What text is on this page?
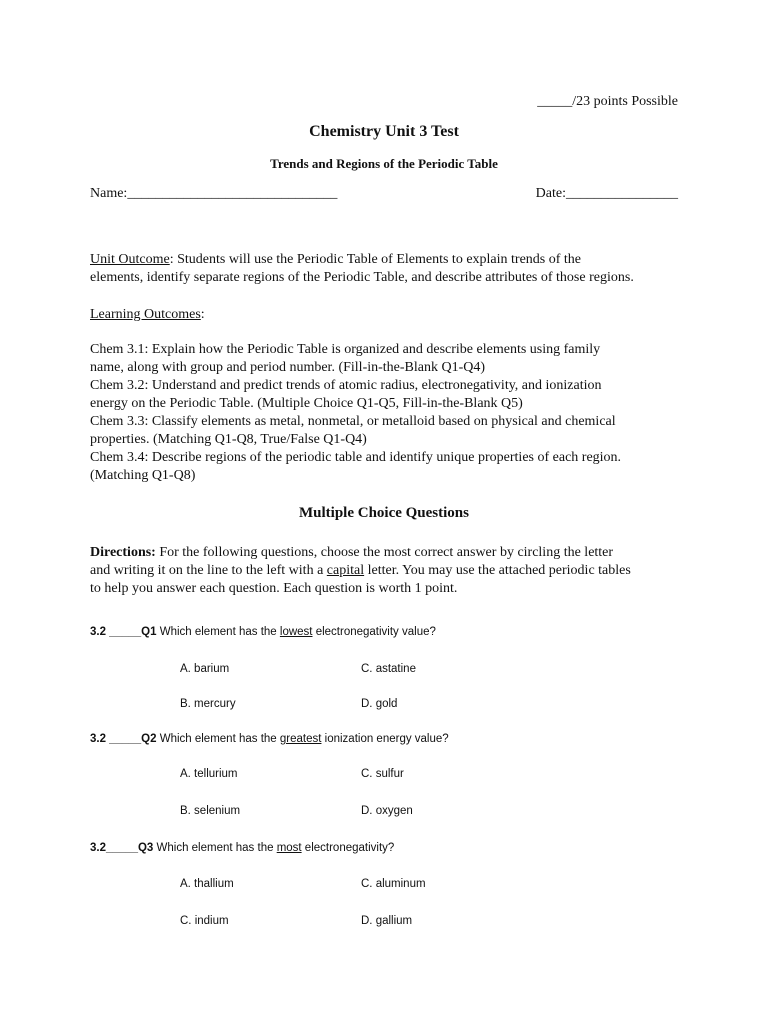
_____/23 points Possible
Chemistry Unit 3 Test
Trends and Regions of the Periodic Table
Name:______________________________	Date:________________

Unit Outcome: Students will use the Periodic Table of Elements to explain trends of the

elements, identify separate regions of the Periodic Table, and describe attributes of those regions.

Learning Outcomes:

Chem 3.1: Explain how the Periodic Table is organized and describe elements using family

name, along with group and period number. (Fill-in-the-Blank Q1-Q4)

Chem 3.2: Understand and predict trends of atomic radius, electronegativity, and ionization

energy on the Periodic Table. (Multiple Choice Q1-Q5, Fill-in-the-Blank Q5)

Chem 3.3: Classify elements as metal, nonmetal, or metalloid based on physical and chemical

properties. (Matching Q1-Q8, True/False Q1-Q4)

Chem 3.4: Describe regions of the periodic table and identify unique properties of each region.

(Matching Q1-Q8)

Multiple Choice Questions

Directions: For the following questions, choose the most correct answer by circling the letter

and writing it on the line to the left with a capital letter. You may use the attached periodic tables

to help you answer each question. Each question is worth 1 point.

3.2 _____Q1 Which element has the lowest electronegativity value?
A. barium	C. astatine
B. mercury	D. gold
3.2 _____Q2 Which element has the greatest ionization energy value?
A. tellurium	C. sulfur
B. selenium	D. oxygen
3.2_____Q3 Which element has the most electronegativity?
A. thallium	C. aluminum
C. indium	D. gallium
